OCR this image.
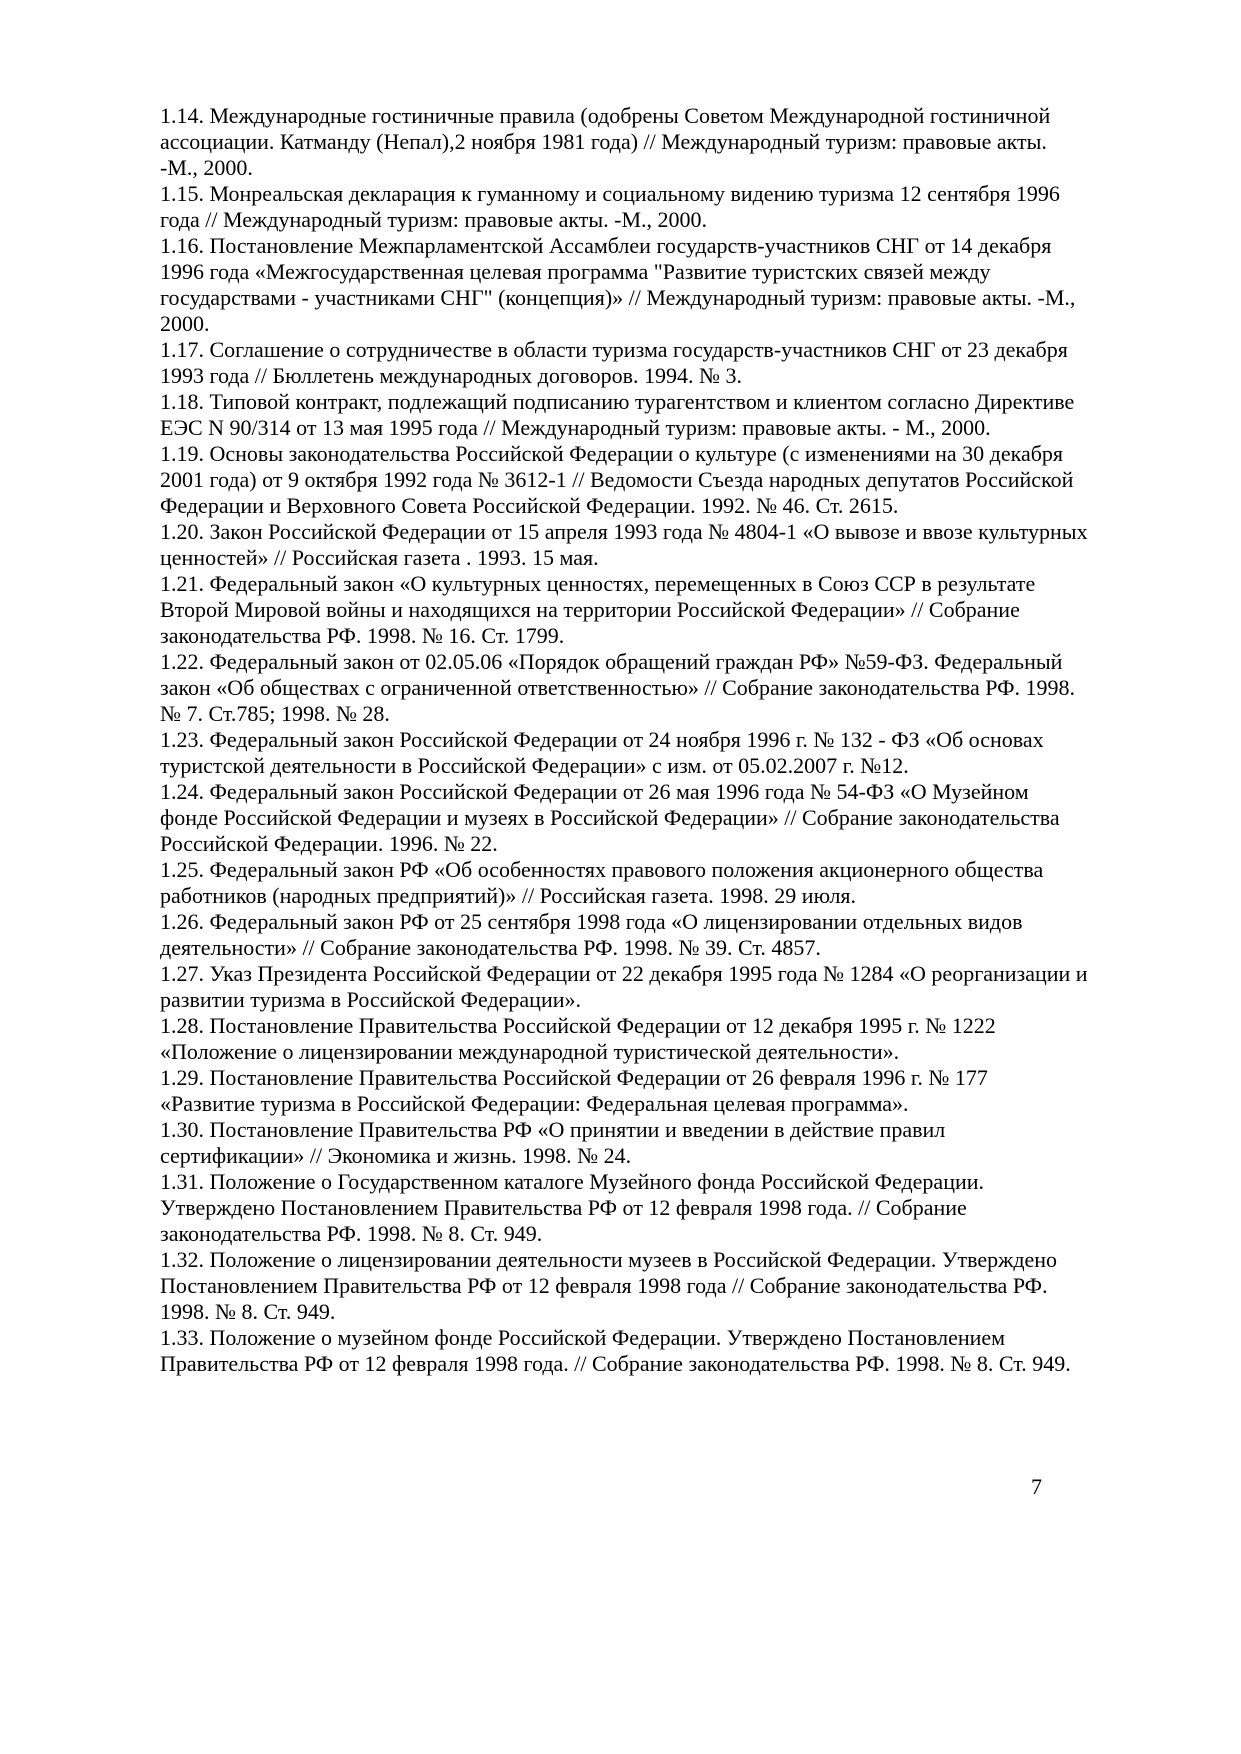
1.14. Международные гостиничные правила (одобрены Советом Международной гостиничной ассоциации. Катманду (Непал),2 ноября 1981 года) // Международный туризм: правовые акты. -М., 2000.

1.15. Монреальская декларация к гуманному и социальному видению туризма 12 сентября 1996 года // Международный туризм: правовые акты. -М., 2000.

1.16. Постановление Межпарламентской Ассамблеи государств-участников СНГ от 14 декабря 1996 года «Межгосударственная целевая программа "Развитие туристских связей между государствами - участниками СНГ" (концепция)» // Международный туризм: правовые акты. -М., 2000.

1.17. Соглашение о сотрудничестве в области туризма государств-участников СНГ от 23 декабря 1993 года // Бюллетень международных договоров. 1994. № 3.

1.18. Типовой контракт, подлежащий подписанию турагентством и клиентом согласно Директиве ЕЭС N 90/314 от 13 мая 1995 года // Международный туризм: правовые акты. - М., 2000.

1.19. Основы законодательства Российской Федерации о культуре (с изменениями на 30 декабря 2001 года) от 9 октября 1992 года № 3612-1 // Ведомости Съезда народных депутатов Российской Федерации и Верховного Совета Российской Федерации. 1992. № 46. Ст. 2615.

1.20. Закон Российской Федерации от 15 апреля 1993 года № 4804-1 «О вывозе и ввозе культурных ценностей» // Российская газета . 1993. 15 мая.

1.21. Федеральный закон «О культурных ценностях, перемещенных в Союз ССР в результате Второй Мировой войны и находящихся на территории Российской Федерации» // Собрание законодательства РФ. 1998. № 16. Ст. 1799.

1.22. Федеральный закон от 02.05.06 «Порядок обращений граждан РФ» №59-ФЗ. Федеральный закон «Об обществах с ограниченной ответственностью» // Собрание законодательства РФ. 1998. № 7. Ст.785; 1998. № 28.

1.23. Федеральный закон Российской Федерации от 24 ноября 1996 г. № 132 - ФЗ «Об основах туристской деятельности в Российской Федерации» с изм. от 05.02.2007 г. №12.

1.24. Федеральный закон Российской Федерации от 26 мая 1996 года № 54-ФЗ «О Музейном фонде Российской Федерации и музеях в Российской Федерации» // Собрание законодательства Российской Федерации. 1996. № 22.

1.25. Федеральный закон РФ «Об особенностях правового положения акционерного общества работников (народных предприятий)» // Российская газета. 1998. 29 июля.

1.26. Федеральный закон РФ от 25 сентября 1998 года «О лицензировании отдельных видов деятельности» // Собрание законодательства РФ. 1998. № 39. Ст. 4857.

1.27. Указ Президента Российской Федерации от 22 декабря 1995 года № 1284 «О реорганизации и развитии туризма в Российской Федерации».

1.28. Постановление Правительства Российской Федерации от 12 декабря 1995 г. № 1222 «Положение о лицензировании международной туристической деятельности».

1.29. Постановление Правительства Российской Федерации от 26 февраля 1996 г. № 177 «Развитие туризма в Российской Федерации: Федеральная целевая программа».

1.30. Постановление Правительства РФ «О принятии и введении в действие правил сертификации» // Экономика и жизнь. 1998. № 24.

1.31. Положение о Государственном каталоге Музейного фонда Российской Федерации. Утверждено Постановлением Правительства РФ от 12 февраля 1998 года. // Собрание законодательства РФ. 1998. № 8. Ст. 949.

1.32. Положение о лицензировании деятельности музеев в Российской Федерации. Утверждено Постановлением Правительства РФ от 12 февраля 1998 года // Собрание законодательства РФ. 1998. № 8. Ст. 949.

1.33. Положение о музейном фонде Российской Федерации. Утверждено Постановлением Правительства РФ от 12 февраля 1998 года. // Собрание законодательства РФ. 1998. № 8. Ст. 949.

7
